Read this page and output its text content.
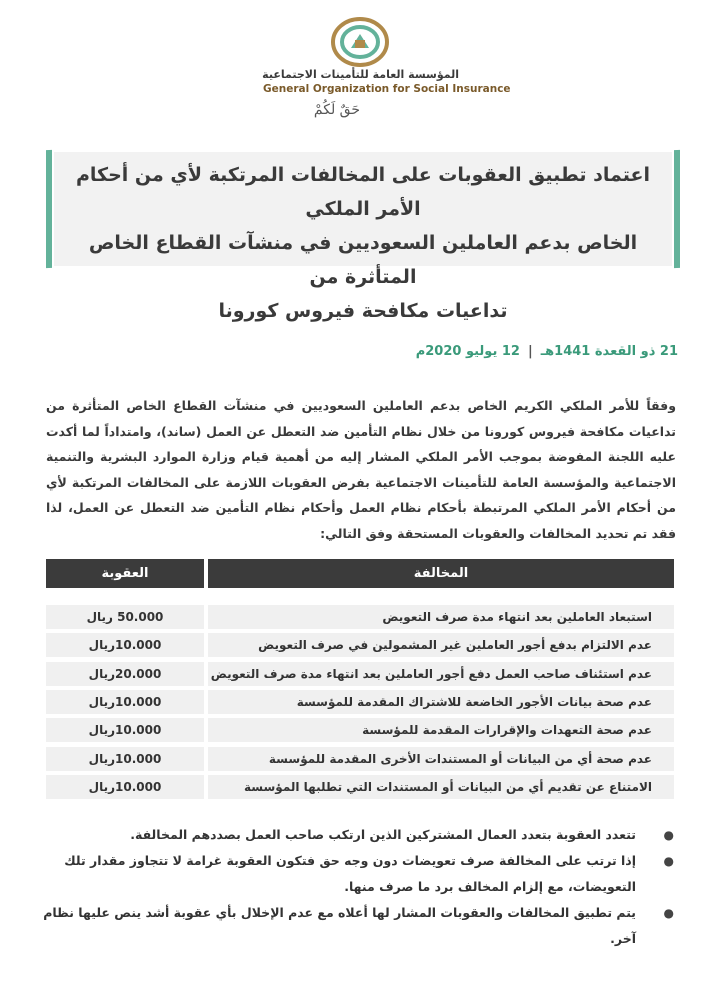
المؤسسة العامة للتأمينات الاجتماعية
General Organization for Social Insurance
حَقٌ لَكُمْ
اعتماد تطبيق العقوبات على المخالفات المرتكبة لأي من أحكام الأمر الملكي
الخاص بدعم العاملين السعوديين في منشآت القطاع الخاص المتأثرة من
تداعيات مكافحة فيروس كورونا
21 ذو القعدة 1441هـ|12 يوليو 2020م
وفقاً للأمر الملكي الكريم الخاص بدعم العاملين السعوديين في منشآت القطاع الخاص المتأثرة من تداعيات مكافحة فيروس كورونا من خلال نظام التأمين ضد التعطل عن العمل (ساند)، وامتداداً لما أكدت عليه اللجنة المفوضة بموجب الأمر الملكي المشار إليه من أهمية قيام وزارة الموارد البشرية والتنمية الاجتماعية والمؤسسة العامة للتأمينات الاجتماعية بفرض العقوبات اللازمة على المخالفات المرتكبة لأي من أحكام الأمر الملكي المرتبطة بأحكام نظام العمل وأحكام نظام التأمين ضد التعطل عن العمل، لذا فقد تم تحديد المخالفات والعقوبات المستحقة وفق التالي:
المخالفة
العقوبة
استبعاد العاملين بعد انتهاء مدة صرف التعويض
50.000 ريال
عدم الالتزام بدفع أجور العاملين غير المشمولين في صرف التعويض
10.000ريال
عدم استئناف صاحب العمل دفع أجور العاملين بعد انتهاء مدة صرف التعويض
20.000ريال
عدم صحة بيانات الأجور الخاضعة للاشتراك المقدمة للمؤسسة
10.000ريال
عدم صحة التعهدات والإقرارات المقدمة للمؤسسة
10.000ريال
عدم صحة أي من البيانات أو المستندات الأخرى المقدمة للمؤسسة
10.000ريال
الامتناع عن تقديم أي من البيانات أو المستندات التي تطلبها المؤسسة
10.000ريال
●
تتعدد العقوبة بتعدد العمال المشتركين الذين ارتكب صاحب العمل بصددهم المخالفة.
●
إذا ترتب على المخالفة صرف تعويضات دون وجه حق فتكون العقوبة غرامة لا تتجاوز مقدار تلك التعويضات، مع إلزام المخالف برد ما صرف منها.
●
يتم تطبيق المخالفات والعقوبات المشار لها أعلاه مع عدم الإخلال بأي عقوبة أشد ينص عليها نظام آخر.
